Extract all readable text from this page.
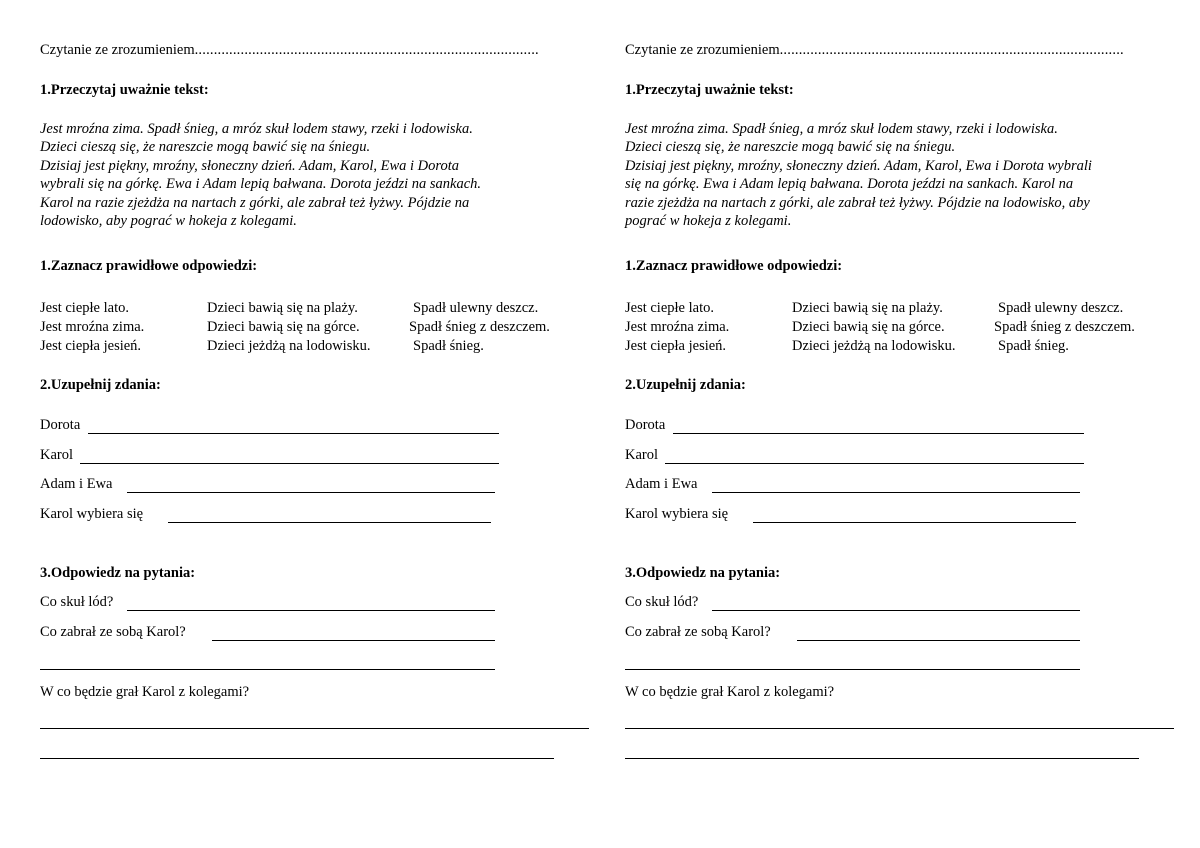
Czytanie ze zrozumieniem..........................................................................................
1.Przeczytaj uważnie tekst:
Jest mroźna zima. Spadł śnieg, a mróz skuł lodem stawy, rzeki i lodowiska.
Dzieci cieszą się, że nareszcie mogą bawić się na śniegu.
Dzisiaj jest piękny, mroźny, słoneczny dzień. Adam, Karol, Ewa i Dorota
wybrali się na górkę. Ewa i Adam lepią bałwana. Dorota jeździ na sankach.
Karol na razie zjeżdża na nartach z górki, ale zabrał też łyżwy. Pójdzie na
lodowisko, aby pograć w hokeja z kolegami.
1.Zaznacz prawidłowe odpowiedzi:
Jest ciepłe lato.
Jest mroźna zima.
Jest ciepła jesień.
Dzieci bawią się na plaży.
Dzieci bawią się na górce.
Dzieci jeżdżą na lodowisku.
Spadł ulewny deszcz.
Spadł śnieg z deszczem.
Spadł śnieg.
2.Uzupełnij zdania:
Dorota
Karol
Adam i Ewa
Karol wybiera się
3.Odpowiedz na pytania:
Co skuł lód?
Co zabrał ze sobą Karol?
W co będzie grał Karol z kolegami?
Czytanie ze zrozumieniem..........................................................................................
1.Przeczytaj uważnie tekst:
Jest mroźna zima. Spadł śnieg, a mróz skuł lodem stawy, rzeki i lodowiska.
Dzieci cieszą się, że nareszcie mogą bawić się na śniegu.
Dzisiaj jest piękny, mroźny, słoneczny dzień. Adam, Karol, Ewa i Dorota wybrali
się na górkę. Ewa i Adam lepią bałwana. Dorota jeździ na sankach. Karol na
razie zjeżdża na nartach z górki, ale zabrał też łyżwy. Pójdzie na lodowisko, aby
pograć w hokeja z kolegami.
1.Zaznacz prawidłowe odpowiedzi:
Jest ciepłe lato.
Jest mroźna zima.
Jest ciepła jesień.
Dzieci bawią się na plaży.
Dzieci bawią się na górce.
Dzieci jeżdżą na lodowisku.
Spadł ulewny deszcz.
Spadł śnieg z deszczem.
Spadł śnieg.
2.Uzupełnij zdania:
Dorota
Karol
Adam i Ewa
Karol wybiera się
3.Odpowiedz na pytania:
Co skuł lód?
Co zabrał ze sobą Karol?
W co będzie grał Karol z kolegami?
